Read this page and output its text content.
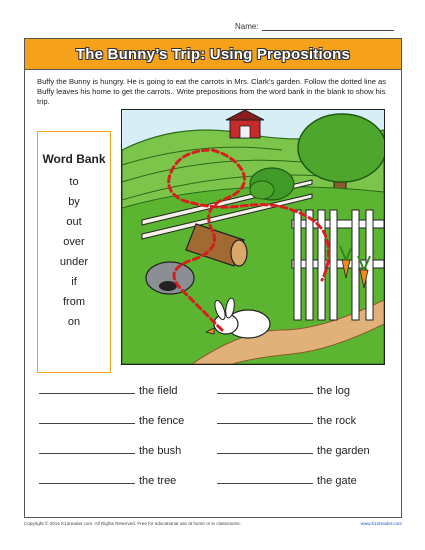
Name:
The Bunny’s Trip: Using Prepositions
Buffy the Bunny is hungry. He is going to eat the carrots in Mrs. Clark’s garden. Follow the dotted line as Buffy leaves his home to get the carrots.. Write prepositions from the word bank in the blank to show his trip.
Word Bank
to
by
out
over
under
if
from
on
the field	the log
the fence	the rock
the bush	the garden
the tree	the gate
Copyright © 2014 K12reader.com. All Rights Reserved. Free for educational use at home or in classrooms.	www.k12reader.com
